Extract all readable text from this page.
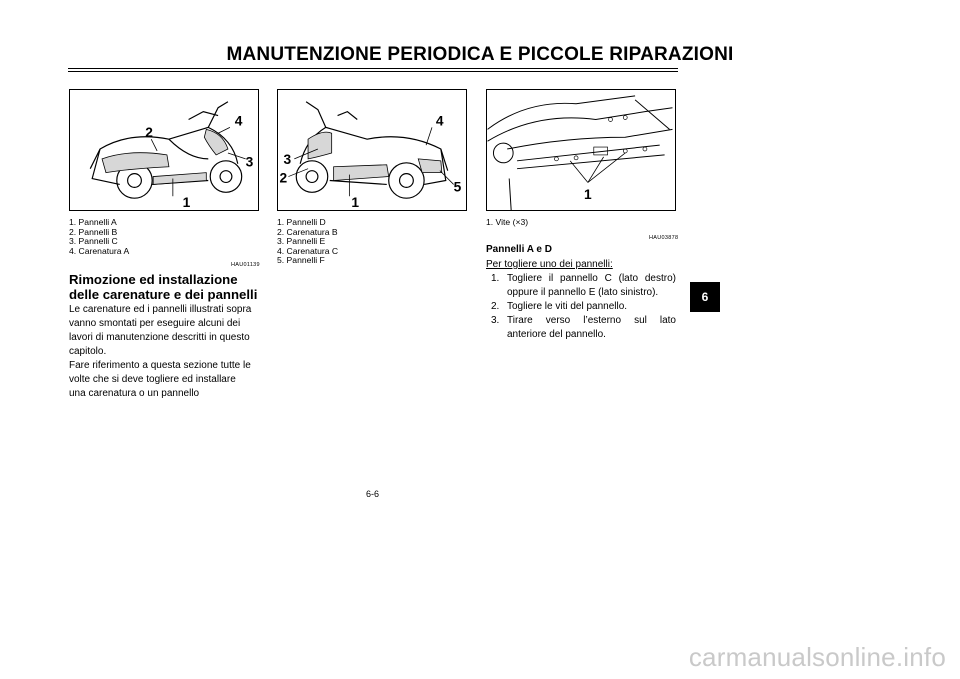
MANUTENZIONE PERIODICA E PICCOLE RIPARAZIONI
2
4
3
1
4
3
2
1
5
1
1. Pannelli A
2. Pannelli B
3. Pannelli C
4. Carenatura A
HAU01139
1. Pannelli D
2. Carenatura B
3. Pannelli E
4. Carenatura C
5. Pannelli F
1. Vite (×3)
HAU03878
Rimozione ed installazione
delle carenature e dei pannelli
Le carenature ed i pannelli illustrati sopra
vanno smontati per eseguire alcuni dei
lavori di manutenzione descritti in questo
capitolo.
Fare riferimento a questa sezione tutte le
volte che si deve togliere ed installare
una carenatura o un pannello
Pannelli A e D
Per togliere uno dei pannelli:
1. Togliere il pannello C (lato destro) oppure il pannello E (lato sinistro).
2. Togliere le viti del pannello.
3. Tirare verso l’esterno sul lato anteriore del pannello.
6
6-6
carmanualsonline.info
